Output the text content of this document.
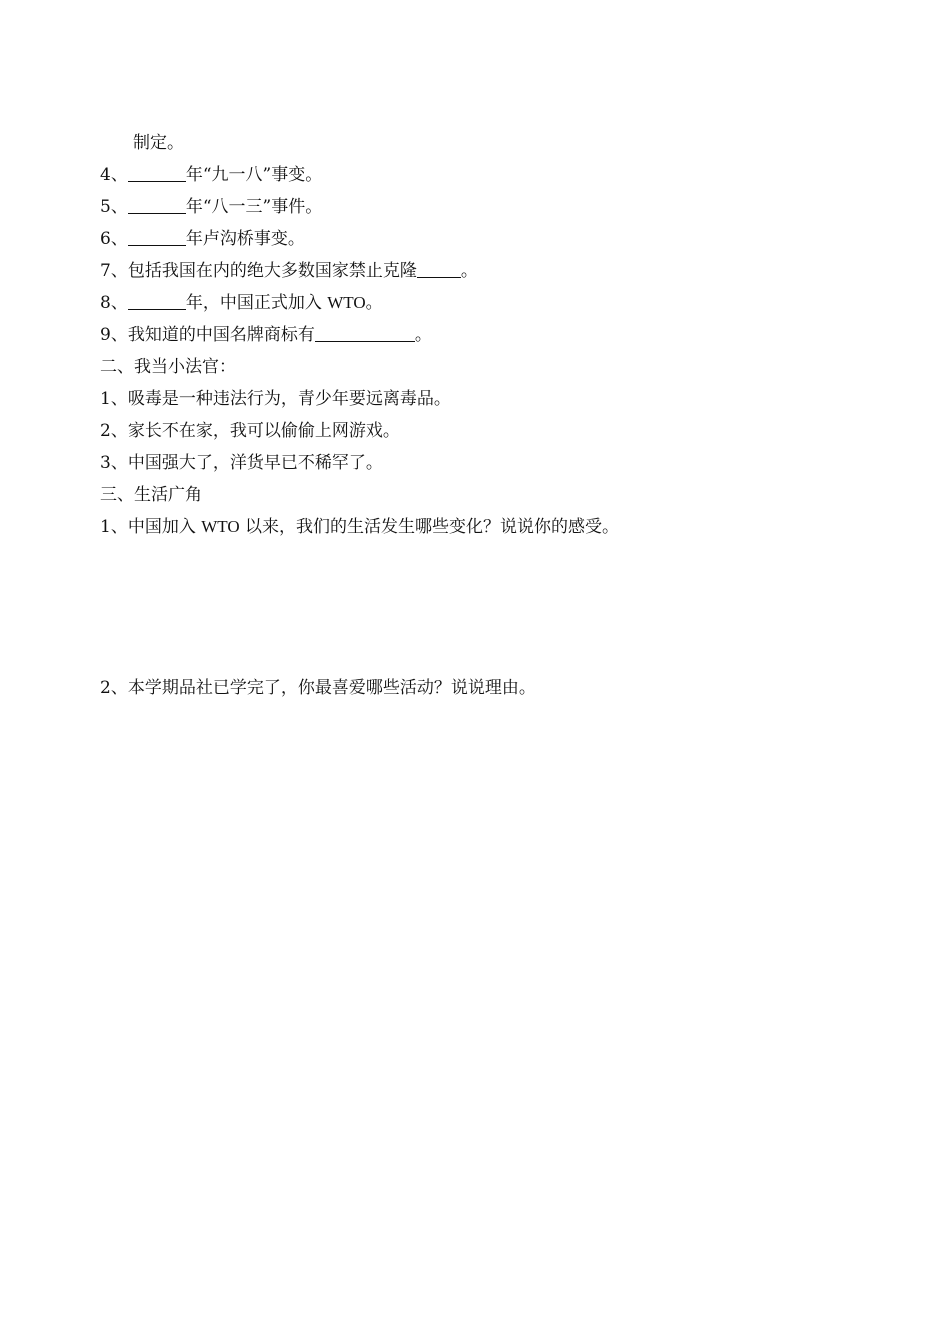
制定。
4、	年“九一八”事变。
5、	年“八一三”事件。
6、	年卢沟桥事变。
7、包括我国在内的绝大多数国家禁止克隆	。
8、	年，中国正式加入 WTO。
9、我知道的中国名牌商标有	。
二、我当小法官：
1、吸毒是一种违法行为，青少年要远离毒品。
2、家长不在家，我可以偷偷上网游戏。
3、中国强大了，洋货早已不稀罕了。
三、生活广角
1、中国加入 WTO 以来，我们的生活发生哪些变化？说说你的感受。
2、本学期品社已学完了，你最喜爱哪些活动？说说理由。
